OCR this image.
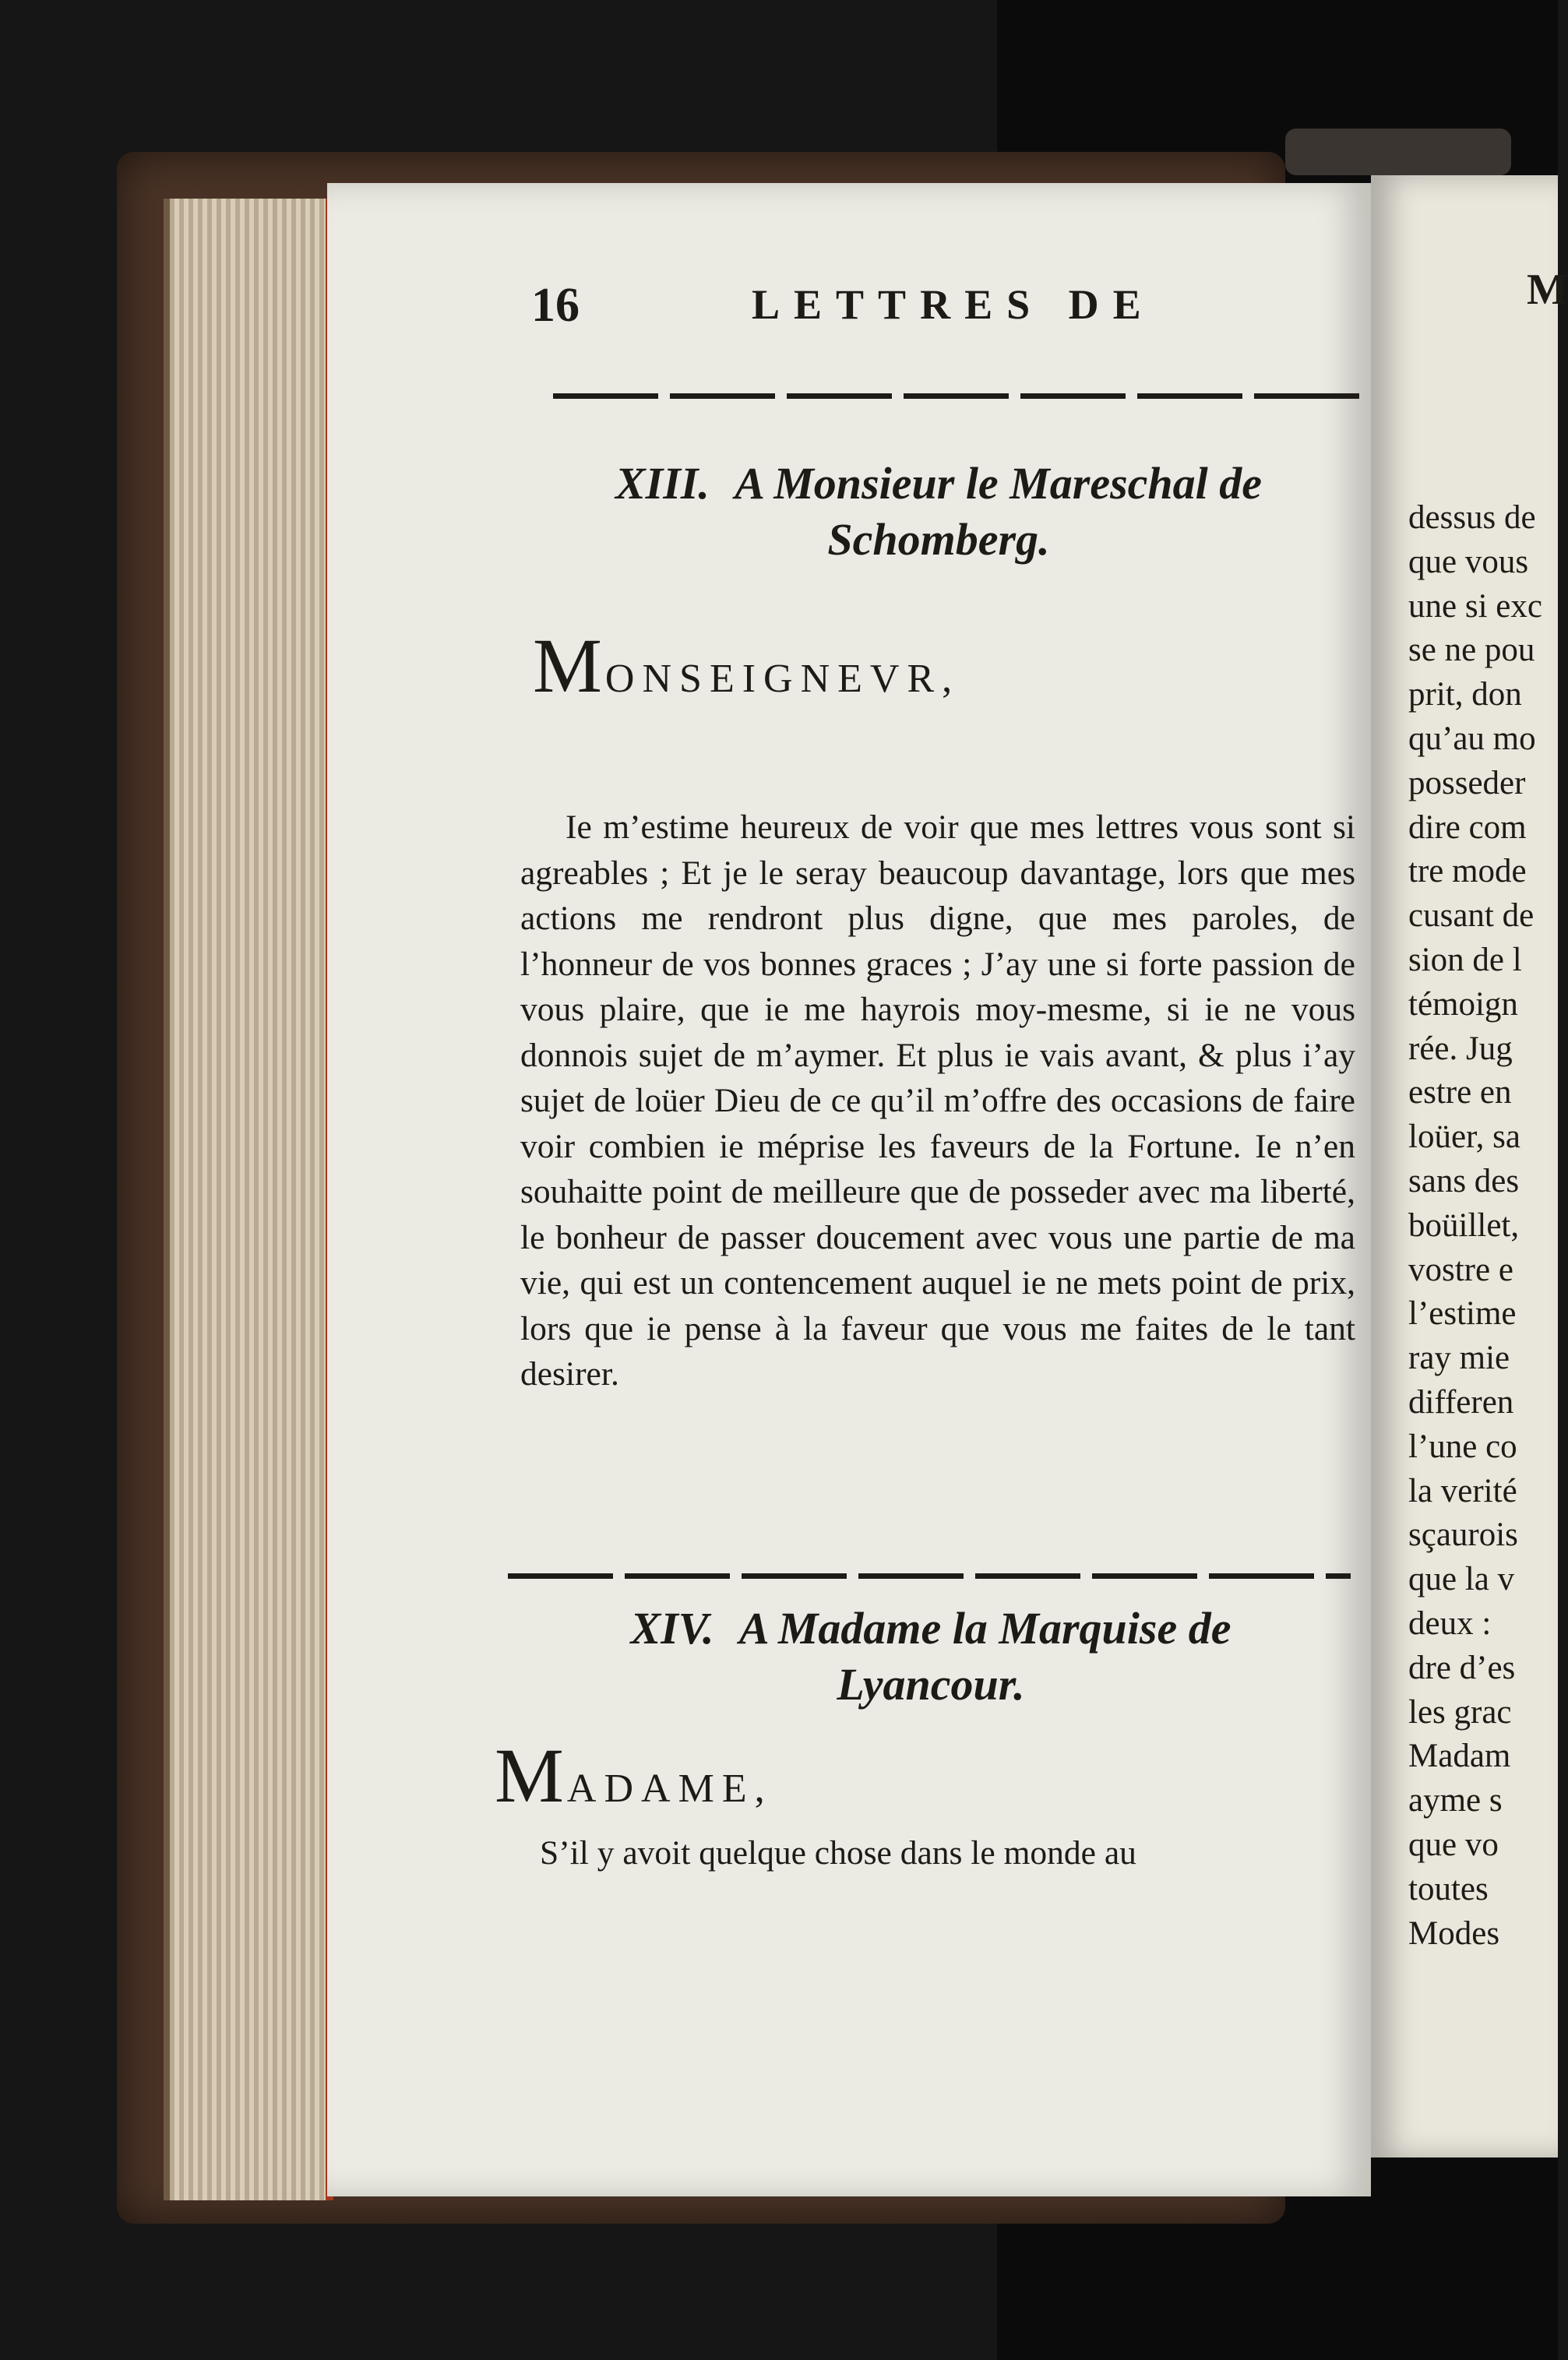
16	LETTRES DE

XIII. A Monsieur le Mareschal de
Schomberg.

MONSEIGNEVR,

Ie m’estime heureux de voir que mes lettres vous sont si agreables ; Et je le seray beaucoup davantage, lors que mes actions me rendront plus digne, que mes paroles, de l’honneur de vos bonnes graces ; J’ay une si forte passion de vous plaire, que ie me hayrois moy-mesme, si ie ne vous donnois sujet de m’aymer. Et plus ie vais avant, & plus i’ay sujet de loüer Dieu de ce qu’il m’offre des occasions de faire voir combien ie méprise les faveurs de la Fortune. Ie n’en souhaitte point de meilleure que de posseder avec ma liberté, le bonheur de passer doucement avec vous une partie de ma vie, qui est un contencement auquel ie ne mets point de prix, lors que ie pense à la faveur que vous me faites de le tant desirer.

XIV. A Madame la Marquise de
Lyancour.

MADAME,

S’il y avoit quelque chose dans le monde au

M

dessus de
que vous
une si exc
se ne pou
prit, don
qu’au mo
posseder
dire com
tre mode
cusant de
sion de l
témoign
rée. Jug
estre en
loüer, sa
sans des
boüillet,
vostre e
l’estime
ray mie
differen
l’une co
la verité
sçaurois
que la v
deux :
dre d’es
les grac
Madam
ayme s
que vo
toutes
Modes
